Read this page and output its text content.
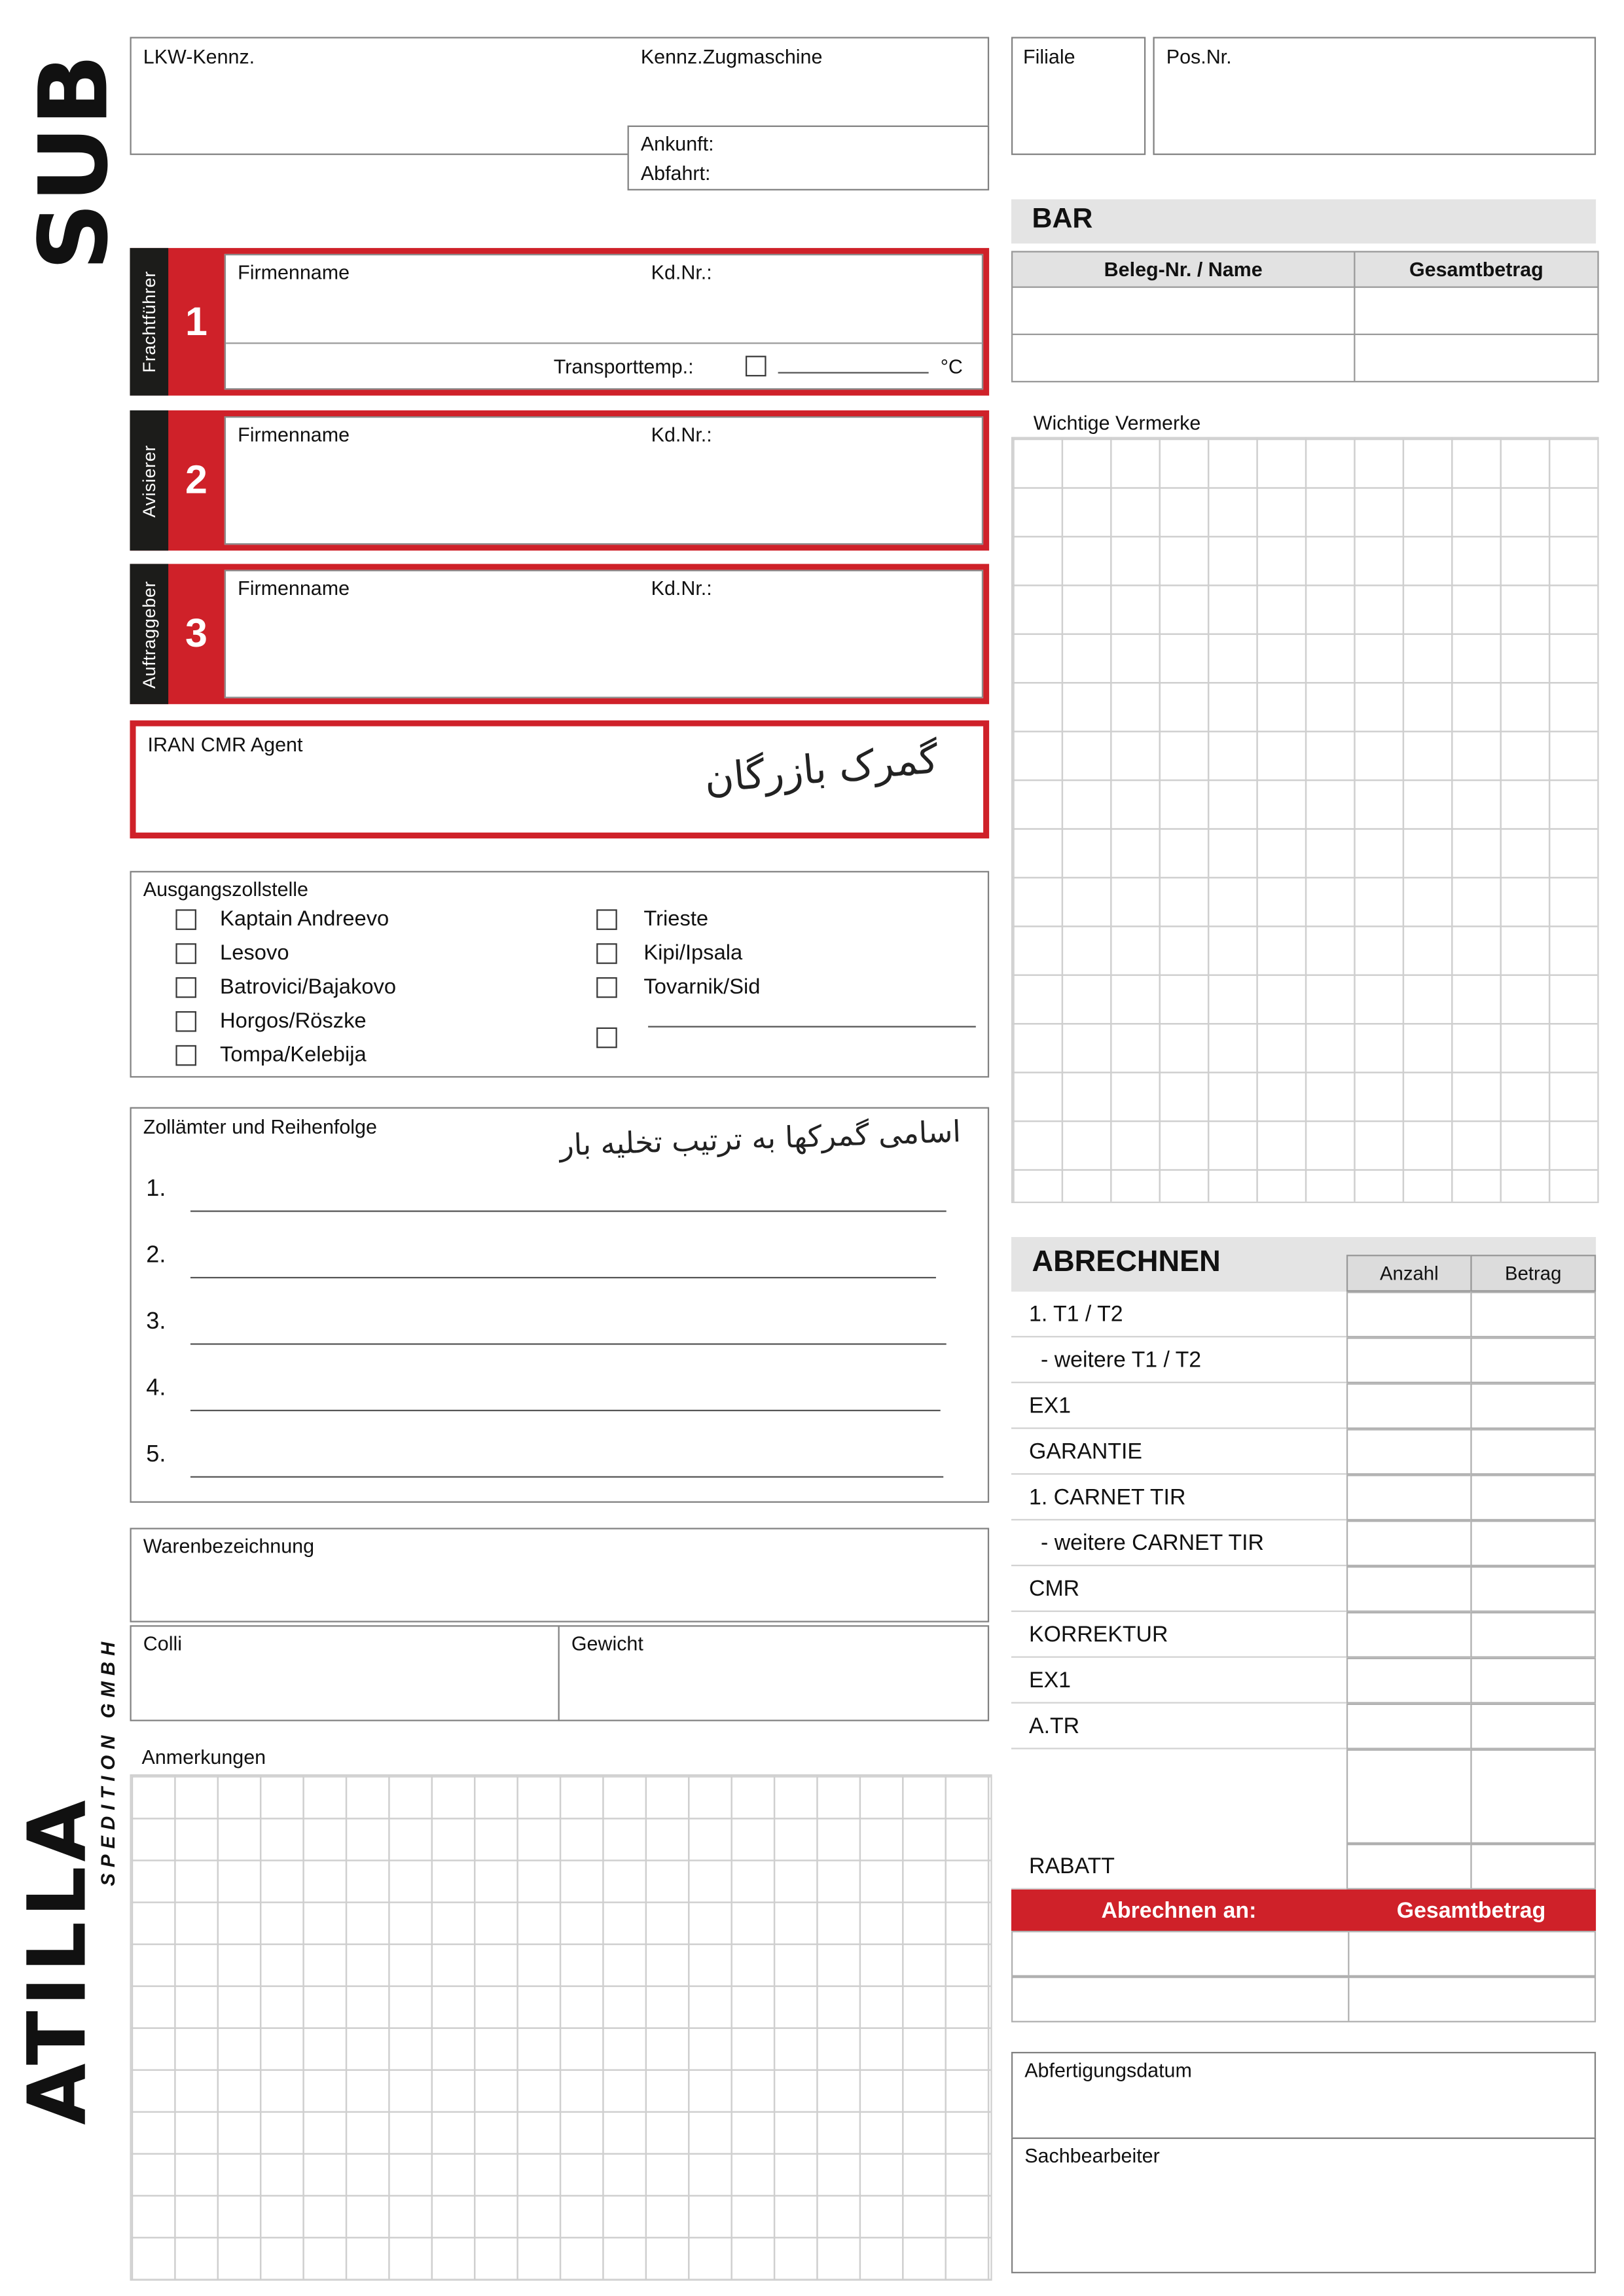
SUB
ATILLA
SPEDITION GMBH
LKW-Kennz.	Kennz.Zugmaschine
Ankunft:
Abfahrt:
Filiale	Pos.Nr.
BAR
Beleg-Nr. / Name	Gesamtbetrag
Frachtführer	1
Firmenname	Kd.Nr.:
Transporttemp.:	°C
Avisierer	2
Firmenname	Kd.Nr.:
Auftraggeber	3
Firmenname	Kd.Nr.:
IRAN CMR Agent	گمرک بازرگان
Ausgangszollstelle
Kaptain Andreevo
Lesovo
Batrovici/Bajakovo
Horgos/Röszke
Tompa/Kelebija
Trieste
Kipi/Ipsala
Tovarnik/Sid
Zollämter und Reihenfolge	اسامی گمرکها به ترتیب تخلیه بار
1.
2.
3.
4.
5.
Warenbezeichnung
Colli	Gewicht
Anmerkungen
Wichtige Vermerke
ABRECHNEN	Anzahl	Betrag
1. T1 / T2
- weitere T1 / T2
EX1
GARANTIE
1. CARNET TIR
- weitere CARNET TIR
CMR
KORREKTUR
EX1
A.TR
RABATT
Abrechnen an:	Gesamtbetrag
Abfertigungsdatum
Sachbearbeiter
